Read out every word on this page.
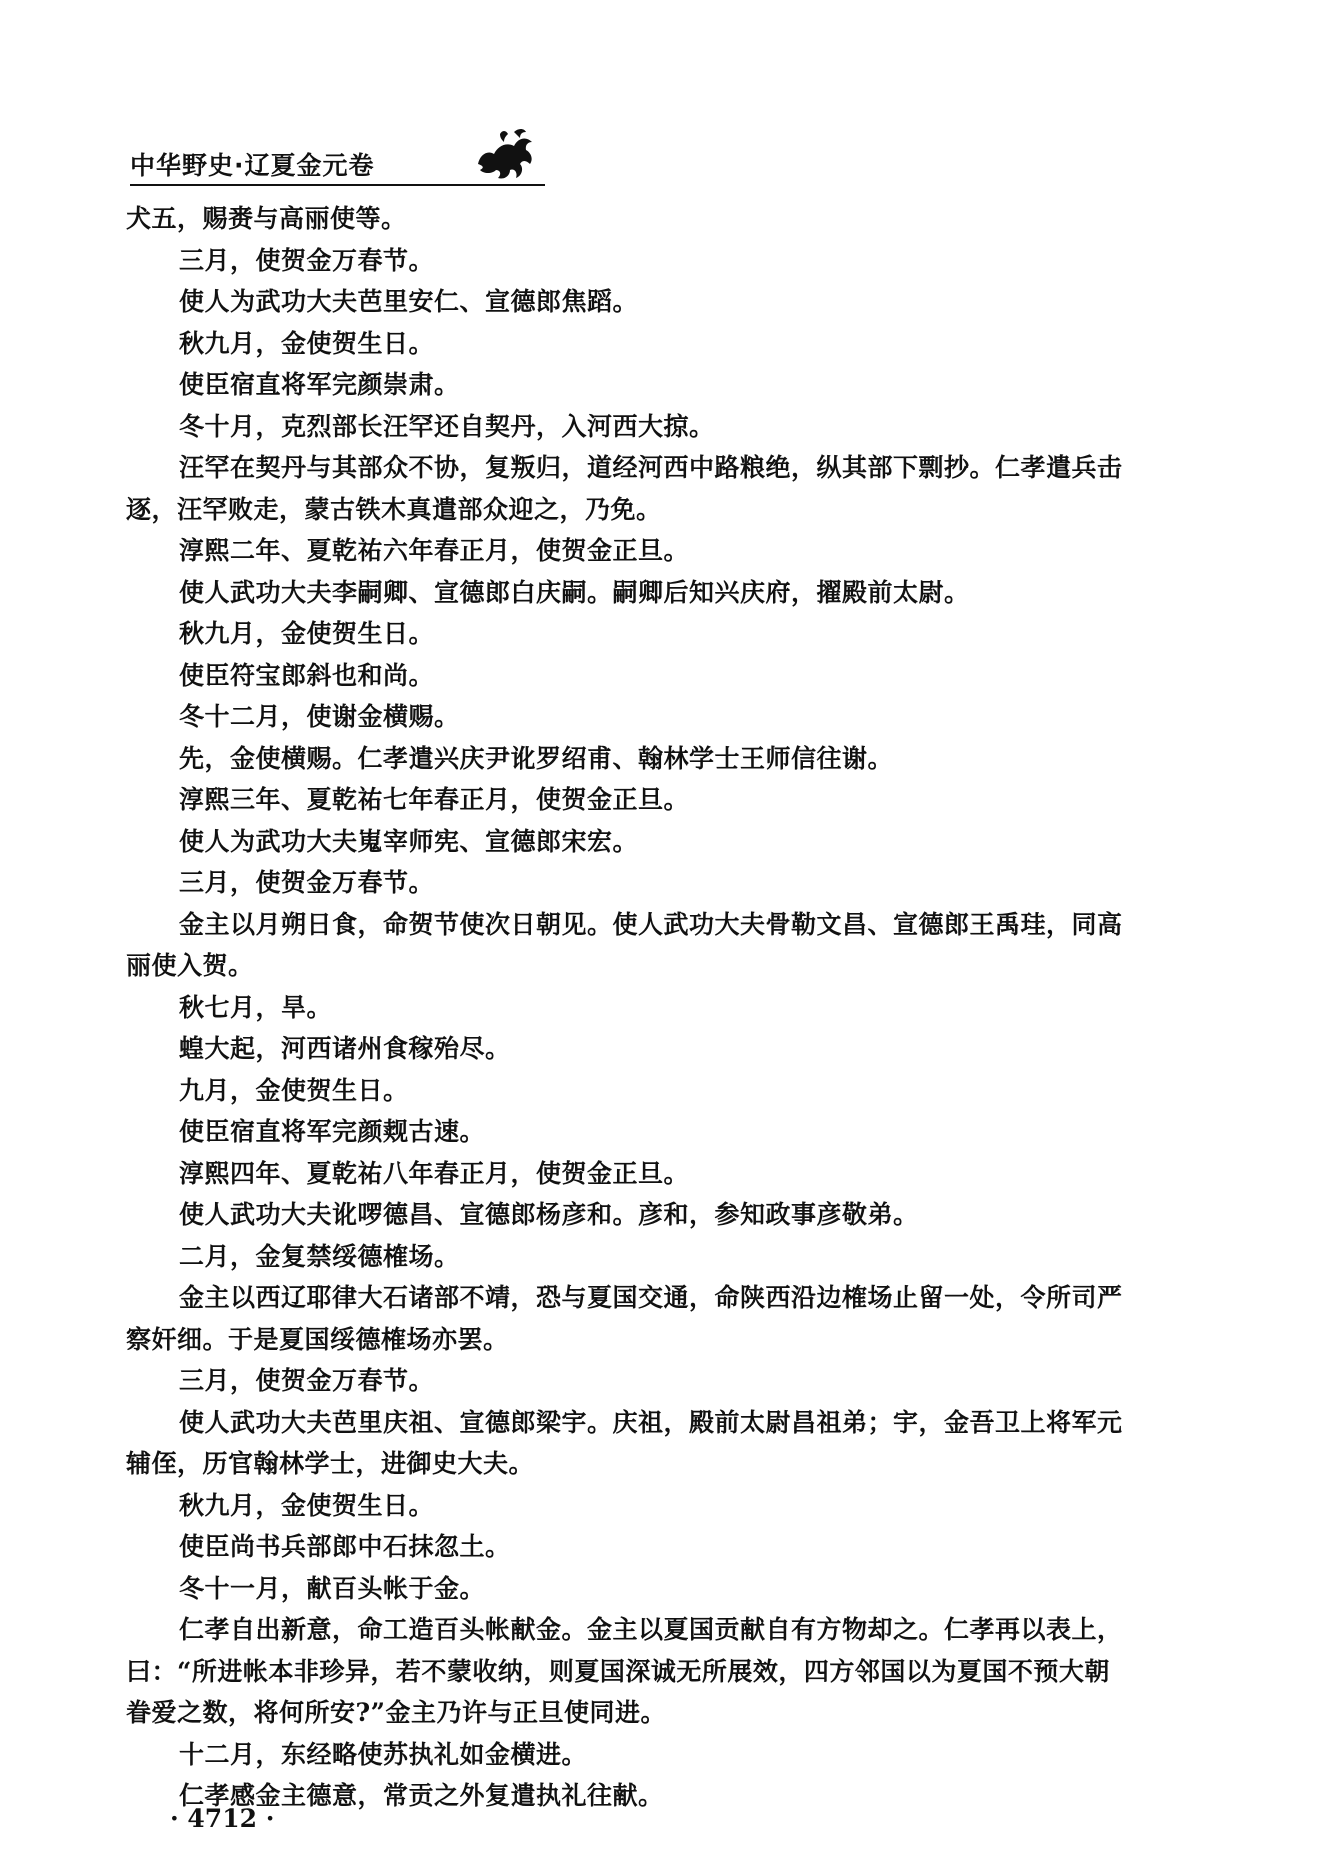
中华野史·辽夏金元卷
犬五，赐赉与高丽使等。
三月，使贺金万春节。
使人为武功大夫芭里安仁、宣德郎焦蹈。
秋九月，金使贺生日。
使臣宿直将军完颜崇肃。
冬十月，克烈部长汪罕还自契丹，入河西大掠。
汪罕在契丹与其部众不协，复叛归，道经河西中路粮绝，纵其部下剽抄。仁孝遣兵击
逐，汪罕败走，蒙古铁木真遣部众迎之，乃免。
淳熙二年、夏乾祐六年春正月，使贺金正旦。
使人武功大夫李嗣卿、宣德郎白庆嗣。嗣卿后知兴庆府，擢殿前太尉。
秋九月，金使贺生日。
使臣符宝郎斜也和尚。
冬十二月，使谢金横赐。
先，金使横赐。仁孝遣兴庆尹讹罗绍甫、翰林学士王师信往谢。
淳熙三年、夏乾祐七年春正月，使贺金正旦。
使人为武功大夫嵬宰师宪、宣德郎宋宏。
三月，使贺金万春节。
金主以月朔日食，命贺节使次日朝见。使人武功大夫骨勒文昌、宣德郎王禹珪，同高
丽使入贺。
秋七月，旱。
蝗大起，河西诸州食稼殆尽。
九月，金使贺生日。
使臣宿直将军完颜觌古速。
淳熙四年、夏乾祐八年春正月，使贺金正旦。
使人武功大夫讹啰德昌、宣德郎杨彦和。彦和，参知政事彦敬弟。
二月，金复禁绥德榷场。
金主以西辽耶律大石诸部不靖，恐与夏国交通，命陕西沿边榷场止留一处，令所司严
察奸细。于是夏国绥德榷场亦罢。
三月，使贺金万春节。
使人武功大夫芭里庆祖、宣德郎梁宇。庆祖，殿前太尉昌祖弟；宇，金吾卫上将军元
辅侄，历官翰林学士，进御史大夫。
秋九月，金使贺生日。
使臣尚书兵部郎中石抹忽土。
冬十一月，献百头帐于金。
仁孝自出新意，命工造百头帐献金。金主以夏国贡献自有方物却之。仁孝再以表上，
曰：“所进帐本非珍异，若不蒙收纳，则夏国深诚无所展效，四方邻国以为夏国不预大朝
眷爱之数，将何所安?”金主乃许与正旦使同进。
十二月，东经略使苏执礼如金横进。
仁孝感金主德意，常贡之外复遣执礼往献。
· 4712 ·
